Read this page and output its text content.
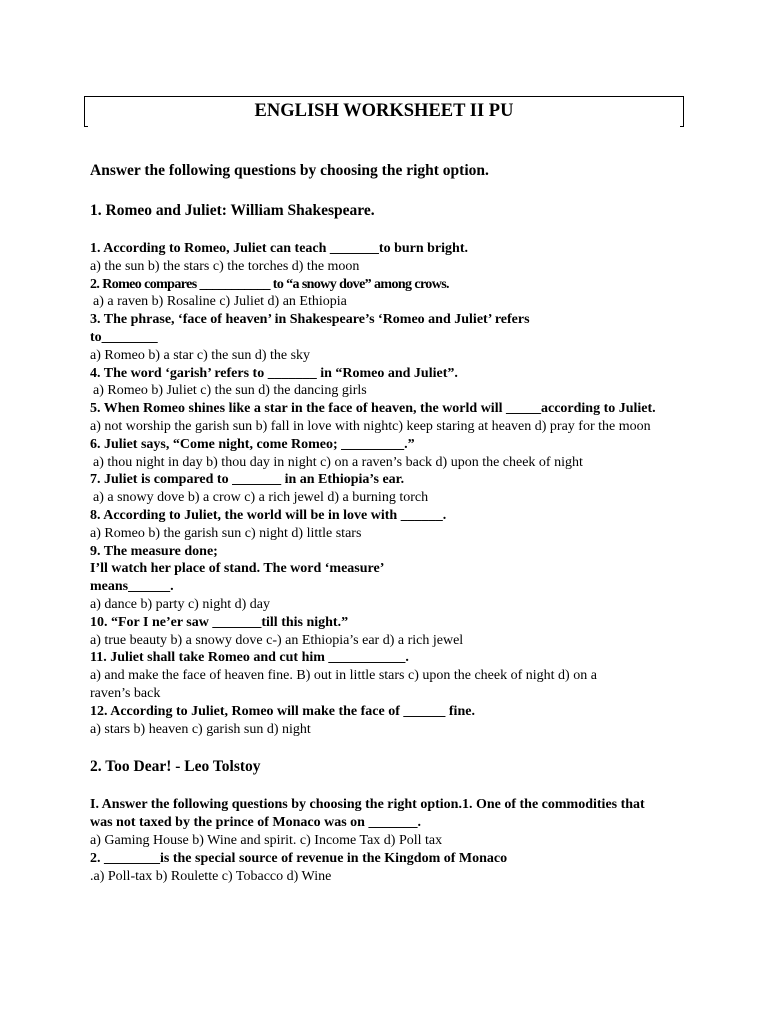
ENGLISH WORKSHEET II PU

Answer the following questions by choosing the right option.

1. Romeo and Juliet: William Shakespeare.

1. According to Romeo, Juliet can teach _______to burn bright.

a) the sun b) the stars c) the torches d) the moon

2. Romeo compares ___________ to “a snowy dove” among crows.

a) a raven b) Rosaline c) Juliet d) an Ethiopia

3. The phrase, ‘face of heaven’ in Shakespeare’s ‘Romeo and Juliet’ refers to________

a) Romeo b) a star c) the sun d) the sky

4. The word ‘garish’ refers to _______ in “Romeo and Juliet”.

a) Romeo b) Juliet c) the sun d) the dancing girls

5. When Romeo shines like a star in the face of heaven, the world will _____according to Juliet.

a) not worship the garish sun b) fall in love with nightc) keep staring at heaven d) pray for the moon

6. Juliet says, “Come night, come Romeo; _________.”

a) thou night in day b) thou day in night c) on a raven’s back d) upon the cheek of night

7. Juliet is compared to _______ in an Ethiopia’s ear.

a) a snowy dove b) a crow c) a rich jewel d) a burning torch

8. According to Juliet, the world will be in love with ______.

a) Romeo b) the garish sun c) night d) little stars

9. The measure done;

I’ll watch her place of stand. The word ‘measure’

means______.

a) dance b) party c) night d) day

10. “For I ne’er saw _______till this night.”

a) true beauty b) a snowy dove c-) an Ethiopia’s ear d) a rich jewel

11. Juliet shall take Romeo and cut him ___________.

a) and make the face of heaven fine. B) out in little stars c) upon the cheek of night d) on a raven’s back

12. According to Juliet, Romeo will make the face of ______ fine.

a) stars b) heaven c) garish sun d) night

2. Too Dear! - Leo Tolstoy

I. Answer the following questions by choosing the right option.1. One of the commodities that was not taxed by the prince of Monaco was on _______.

a) Gaming House b) Wine and spirit. c) Income Tax d) Poll tax

2. ________is the special source of revenue in the Kingdom of Monaco

.a) Poll-tax b) Roulette c) Tobacco d) Wine
